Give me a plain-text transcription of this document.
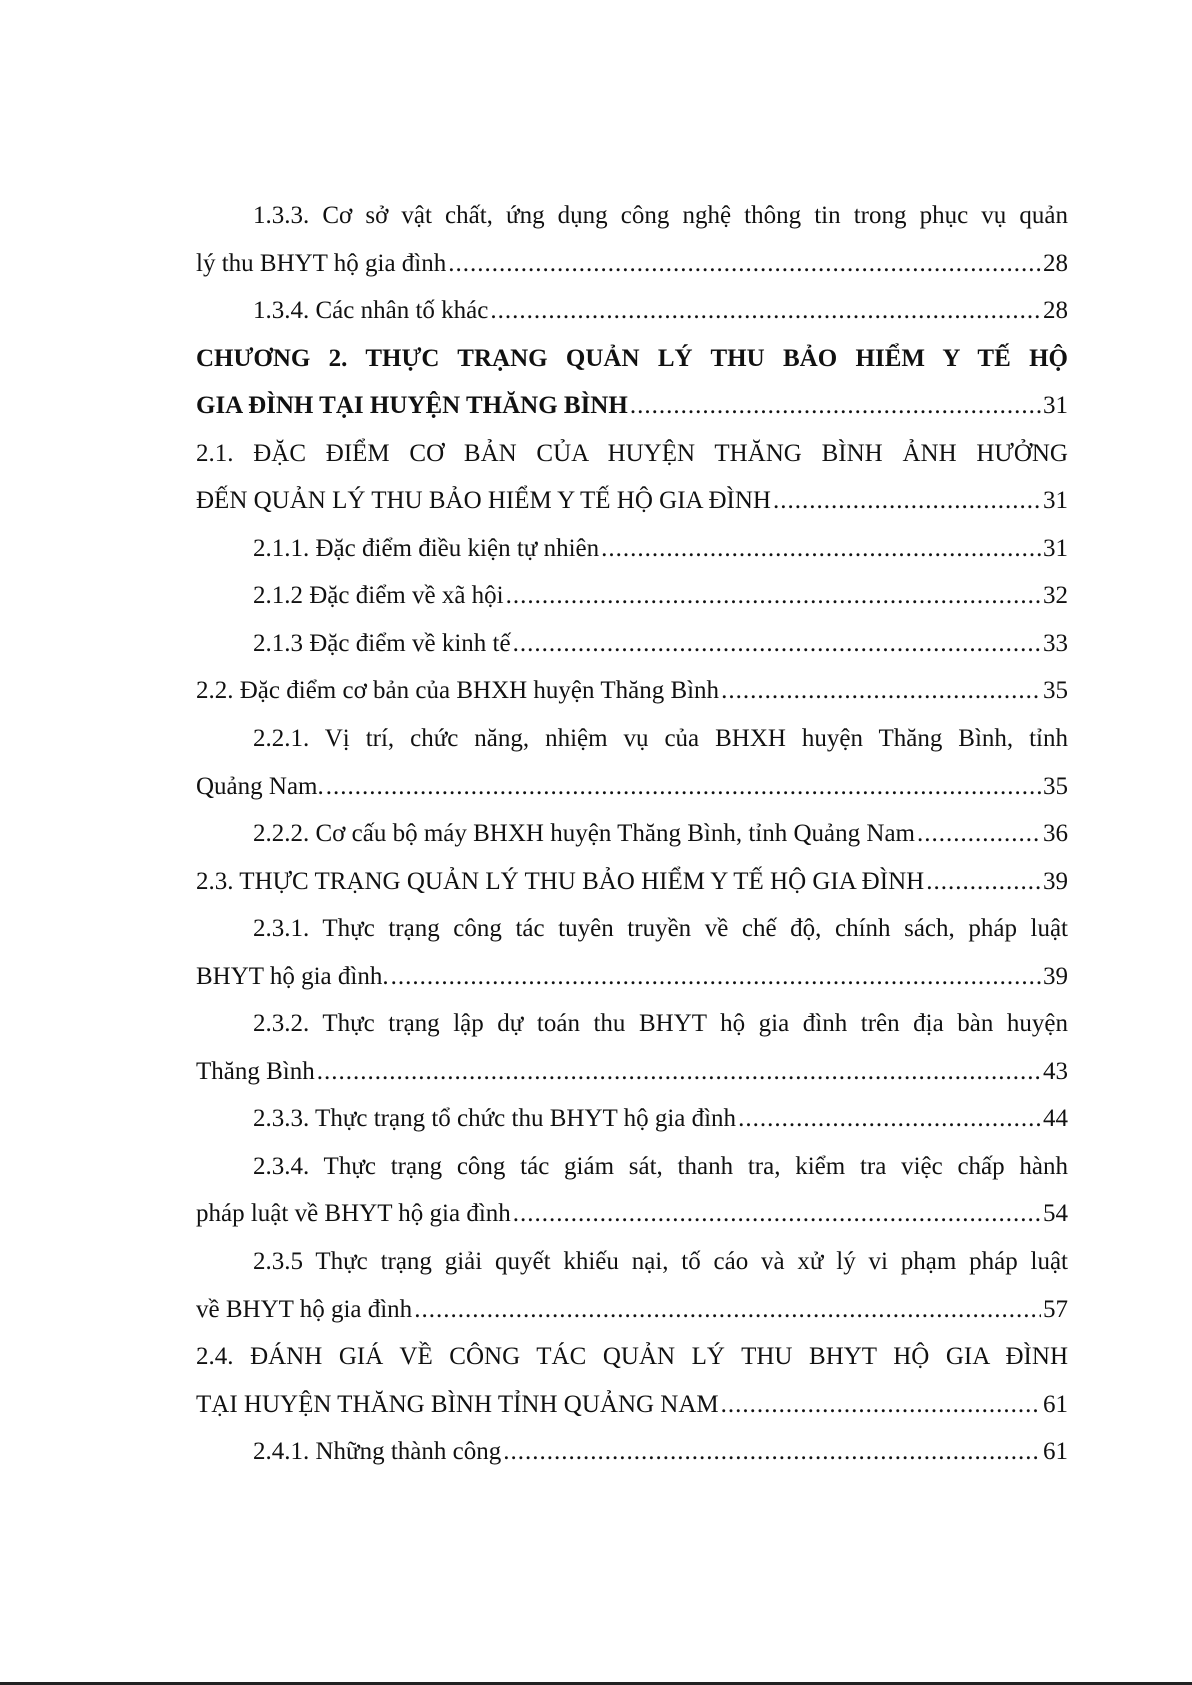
1.3.3. Cơ sở vật chất, ứng dụng công nghệ thông tin trong phục vụ quản
lý thu BHYT hộ gia đình .....	28
1.3.4. Các nhân tố khác .....	28
CHƯƠNG 2. THỰC TRẠNG QUẢN LÝ THU BẢO HIỂM Y TẾ HỘ
GIA ĐÌNH TẠI HUYỆN THĂNG BÌNH .....	31
2.1. ĐẶC ĐIỂM CƠ BẢN CỦA HUYỆN THĂNG BÌNH ẢNH HƯỞNG
ĐẾN QUẢN LÝ THU BẢO HIỂM Y TẾ HỘ GIA ĐÌNH .....	31
2.1.1. Đặc điểm điều kiện tự nhiên .....	31
2.1.2 Đặc điểm về xã hội .....	32
2.1.3 Đặc điểm về kinh tế .....	33
2.2. Đặc điểm cơ bản của BHXH huyện Thăng Bình .....	35
2.2.1. Vị trí, chức năng, nhiệm vụ của BHXH huyện Thăng Bình, tỉnh
Quảng Nam. .....	35
2.2.2. Cơ cấu bộ máy BHXH huyện Thăng Bình, tỉnh Quảng Nam .....	36
2.3. THỰC TRẠNG QUẢN LÝ THU BẢO HIỂM Y TẾ HỘ GIA ĐÌNH .....	39
2.3.1. Thực trạng công tác tuyên truyền về chế độ, chính sách, pháp luật
BHYT hộ gia đình. .....	39
2.3.2. Thực trạng lập dự toán thu BHYT hộ gia đình trên địa bàn huyện
Thăng Bình .....	43
2.3.3. Thực trạng tổ chức thu BHYT hộ gia đình .....	44
2.3.4. Thực trạng công tác giám sát, thanh tra, kiểm tra việc chấp hành
pháp luật về BHYT hộ gia đình .....	54
2.3.5 Thực trạng giải quyết khiếu nại, tố cáo và xử lý vi phạm pháp luật
về BHYT hộ gia đình .....	57
2.4. ĐÁNH GIÁ VỀ CÔNG TÁC QUẢN LÝ THU BHYT HỘ GIA ĐÌNH
TẠI HUYỆN THĂNG BÌNH TỈNH QUẢNG NAM .....	61
2.4.1. Những thành công .....	61
